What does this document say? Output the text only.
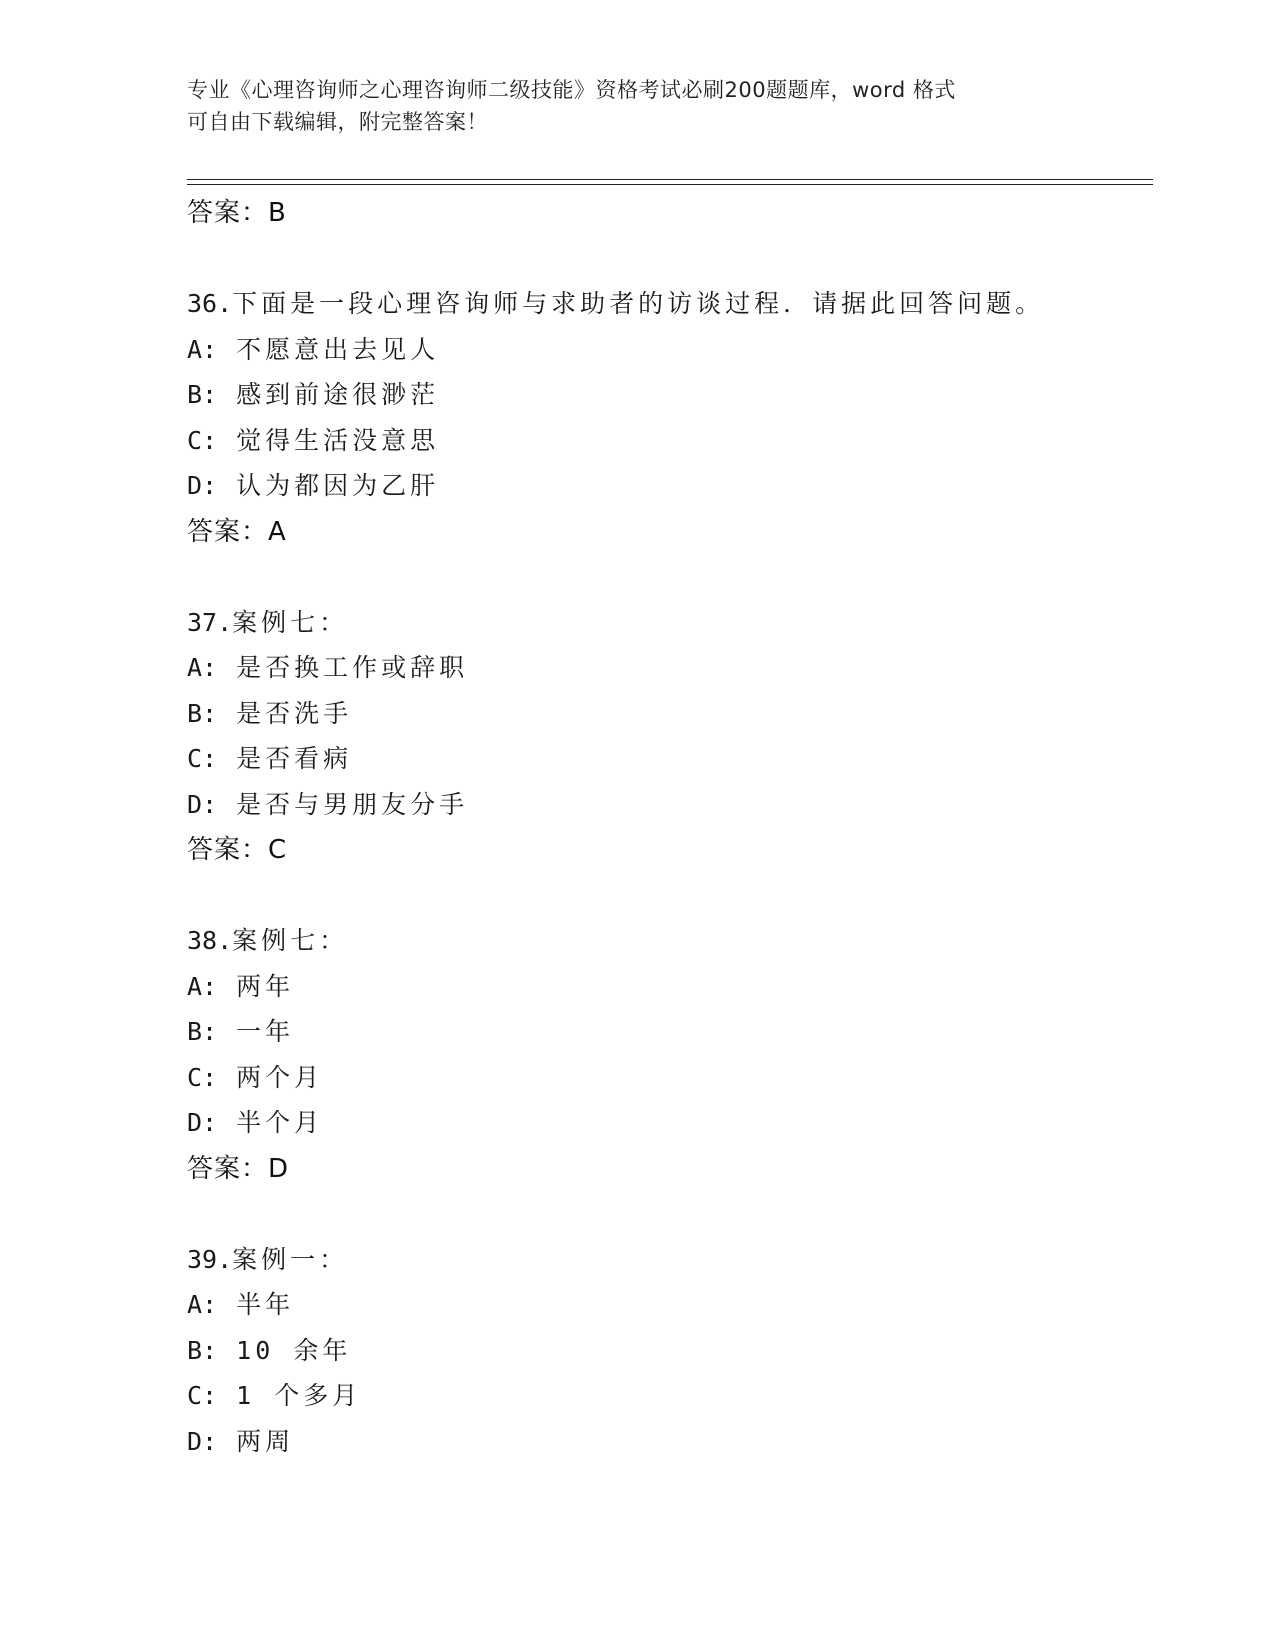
专业《心理咨询师之心理咨询师二级技能》资格考试必刷200题题库，word 格式
可自由下载编辑，附完整答案！
答案：B
36.下面是一段心理咨询师与求助者的访谈过程．请据此回答问题。
A: 不愿意出去见人
B: 感到前途很渺茫
C: 觉得生活没意思
D: 认为都因为乙肝
答案：A
37.案例七：
A: 是否换工作或辞职
B: 是否洗手
C: 是否看病
D: 是否与男朋友分手
答案：C
38.案例七：
A: 两年
B: 一年
C: 两个月
D: 半个月
答案：D
39.案例一：
A: 半年
B: 10 余年
C: 1 个多月
D: 两周
